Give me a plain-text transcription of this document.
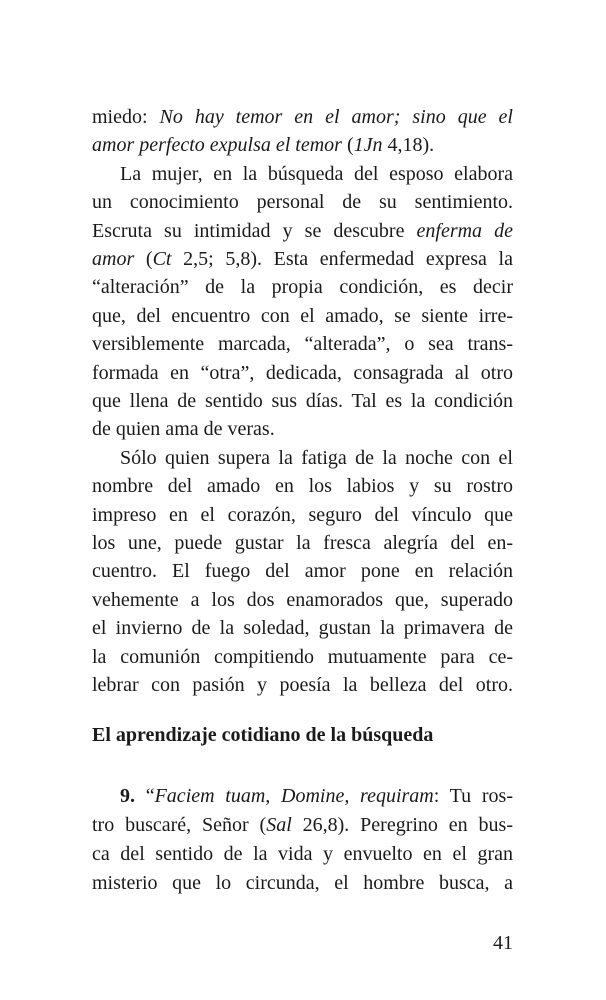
miedo: No hay temor en el amor; sino que el
amor perfecto expulsa el temor (1Jn 4,18).
La mujer, en la búsqueda del esposo elabora
un conocimiento personal de su sentimiento.
Escruta su intimidad y se descubre enferma de
amor (Ct 2,5; 5,8). Esta enfermedad expresa la
“alteración” de la propia condición, es decir
que, del encuentro con el amado, se siente irre-
versiblemente marcada, “alterada”, o sea trans-
formada en “otra”, dedicada, consagrada al otro
que llena de sentido sus días. Tal es la condición
de quien ama de veras.
Sólo quien supera la fatiga de la noche con el
nombre del amado en los labios y su rostro
impreso en el corazón, seguro del vínculo que
los une, puede gustar la fresca alegría del en-
cuentro. El fuego del amor pone en relación
vehemente a los dos enamorados que, superado
el invierno de la soledad, gustan la primavera de
la comunión compitiendo mutuamente para ce-
lebrar con pasión y poesía la belleza del otro.
El aprendizaje cotidiano de la búsqueda
9. “Faciem tuam, Domine, requiram: Tu ros-
tro buscaré, Señor (Sal 26,8). Peregrino en bus-
ca del sentido de la vida y envuelto en el gran
misterio que lo circunda, el hombre busca, a
41
